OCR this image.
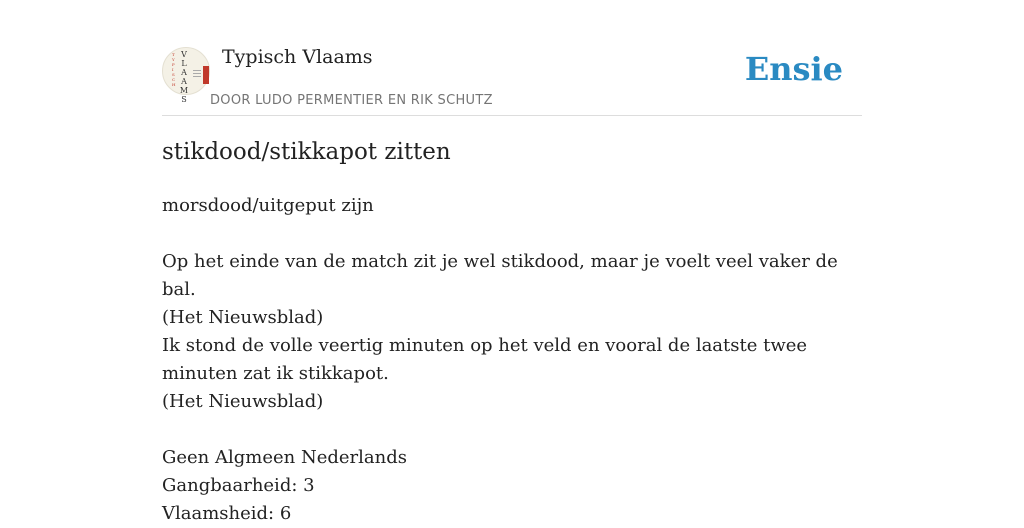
T Y P I S C H
V
L
A
A
M
S
Typisch Vlaams
DOOR LUDO PERMENTIER EN RIK SCHUTZ
Ensie
stikdood/stikkapot zitten

morsdood/uitgeput zijn

Op het einde van de match zit je wel stikdood, maar je voelt veel vaker de bal.

(Het Nieuwsblad)

Ik stond de volle veertig minuten op het veld en vooral de laatste twee minuten zat ik stikkapot.

(Het Nieuwsblad)

Geen Algmeen Nederlands

Gangbaarheid: 3

Vlaamsheid: 6
